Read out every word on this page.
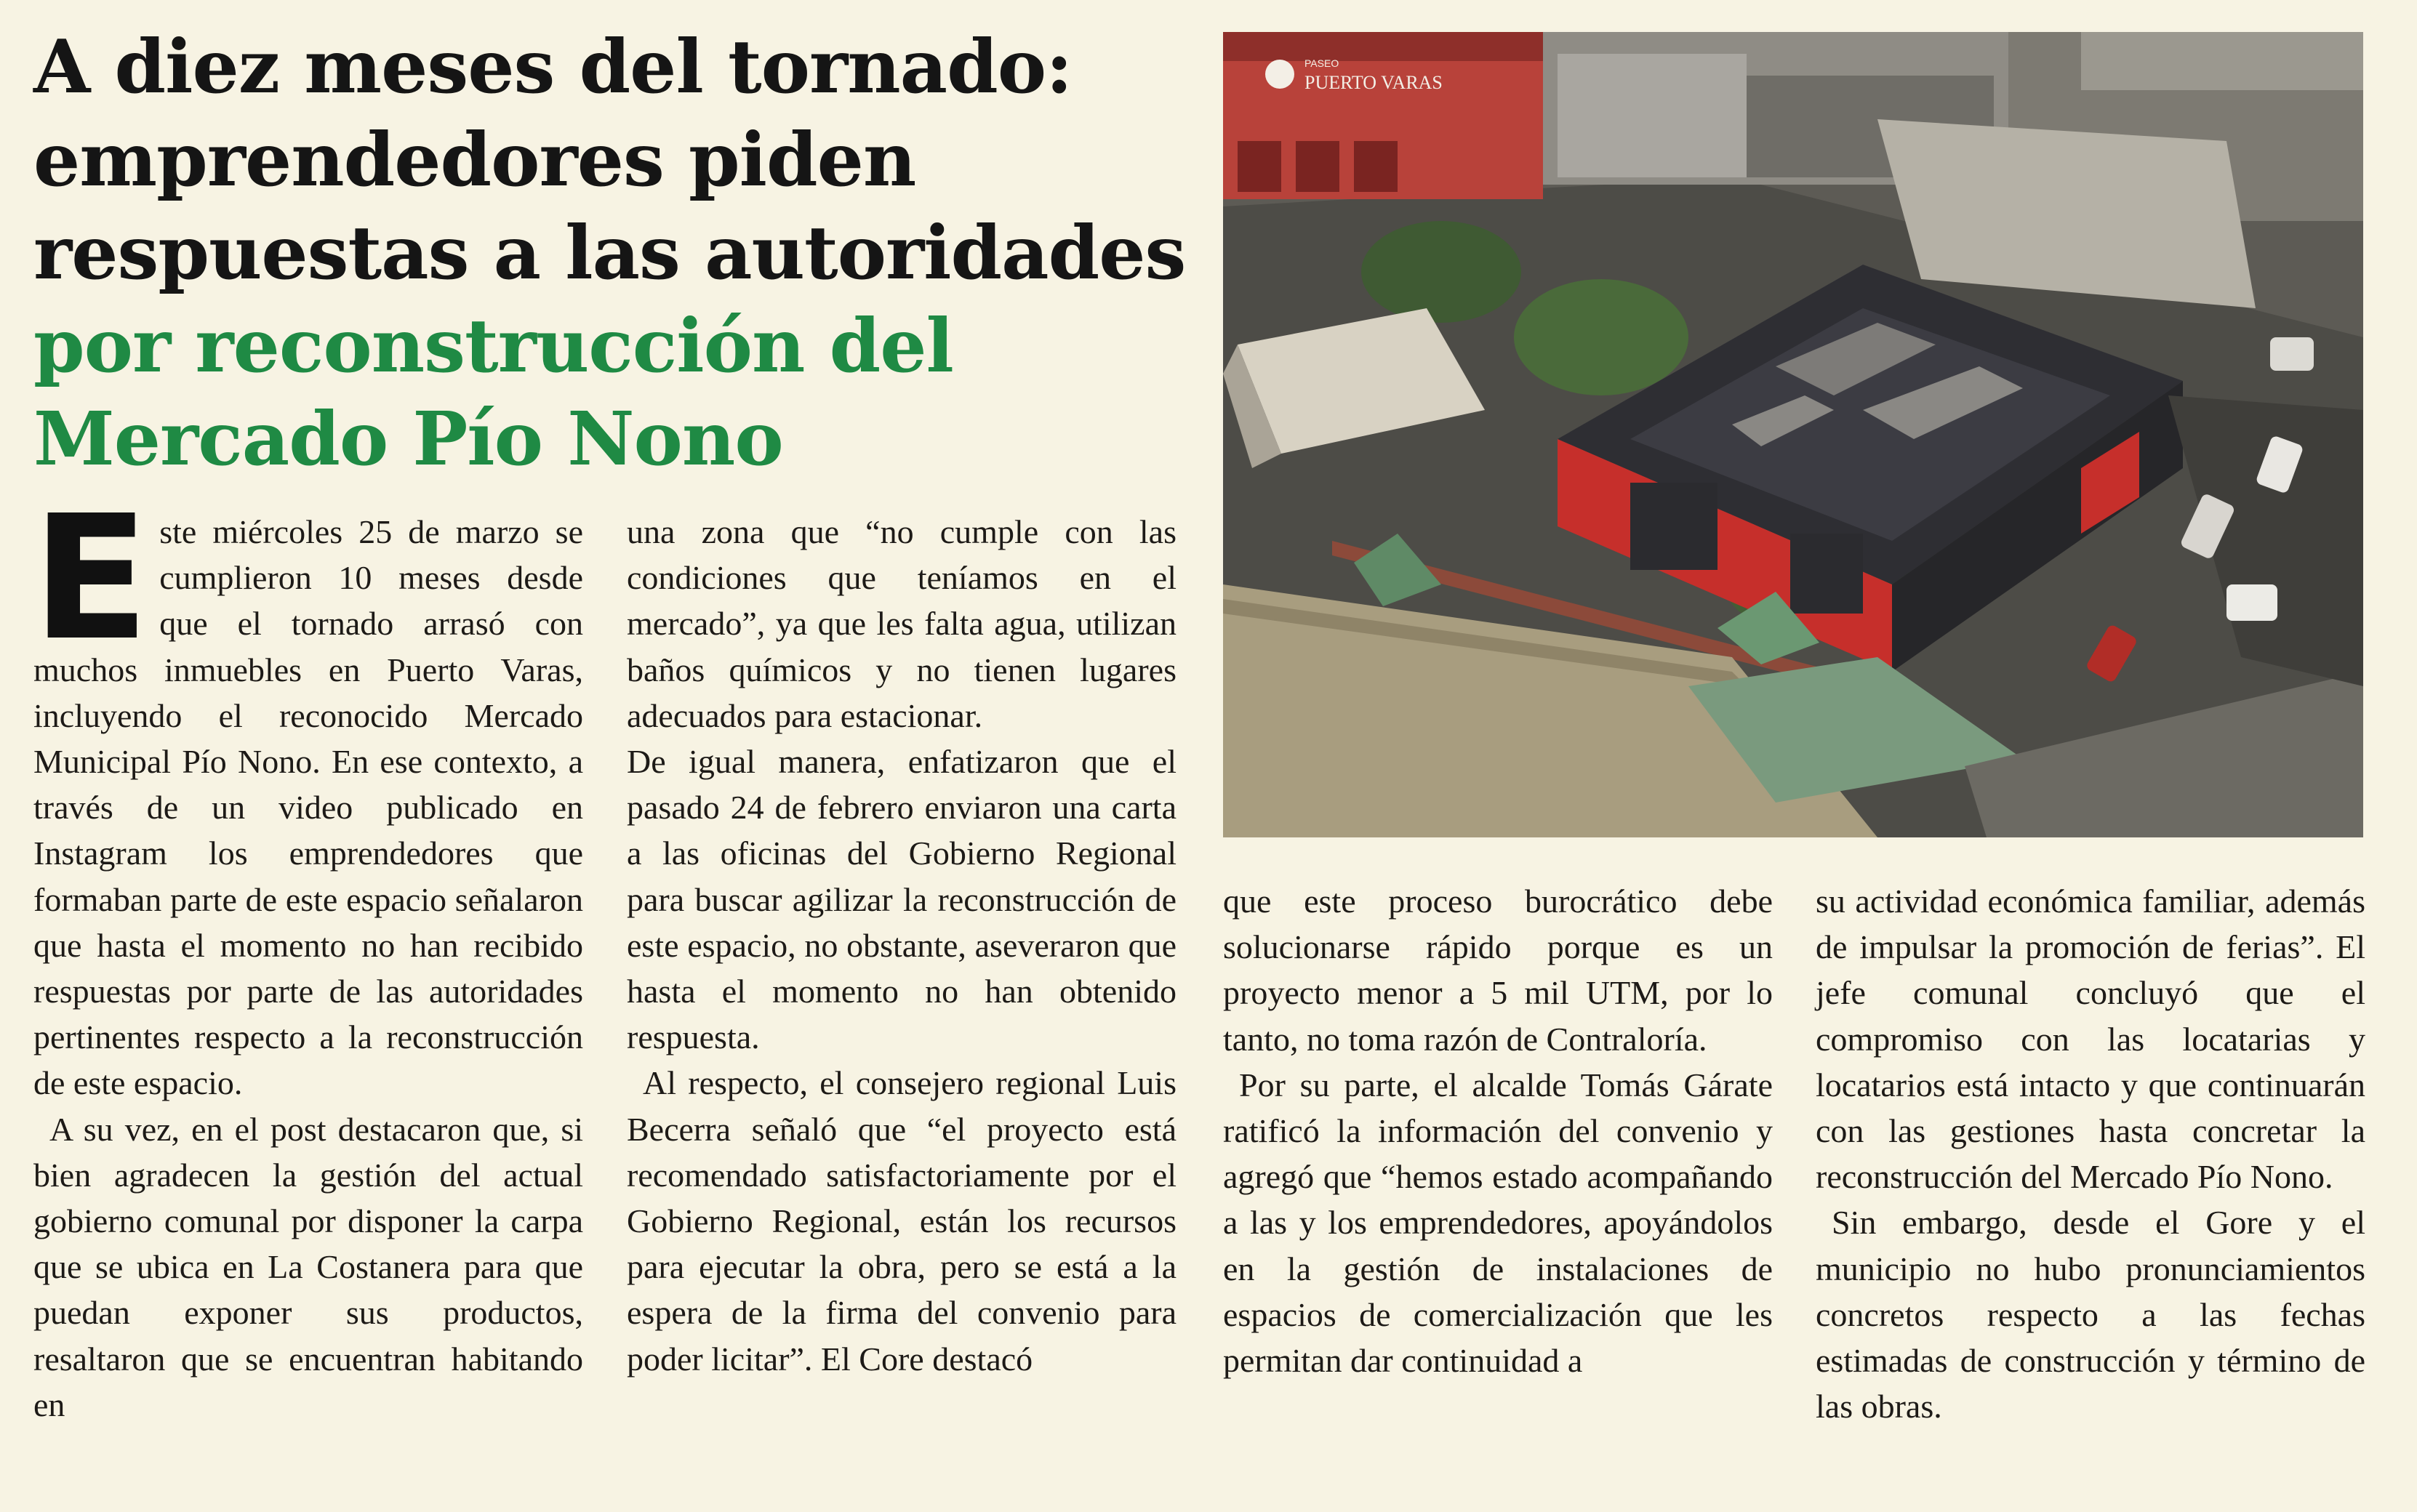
A diez meses del tornado:
emprendedores piden
respuestas a las autoridades
por reconstrucción del
Mercado Pío Nono
PASEO
PUERTO VARAS

E ste miércoles 25 de marzo se cumplieron 10 meses desde que el tornado arrasó con muchos inmuebles en Puerto Varas, incluyendo el reconocido Mercado Municipal Pío Nono. En ese contexto, a través de un video publicado en Instagram los emprendedores que formaban parte de este espacio señalaron que hasta el momento no han recibido respuestas por parte de las autoridades pertinentes respecto a la reconstrucción de este espacio.

A su vez, en el post destacaron que, si bien agradecen la gestión del actual gobierno comunal por disponer la carpa que se ubica en La Costanera para que puedan exponer sus productos, resaltaron que se encuentran habitando en

una zona que “no cumple con las condiciones que teníamos en el mercado”, ya que les falta agua, utilizan baños químicos y no tienen lugares adecuados para estacionar.

De igual manera, enfatizaron que el pasado 24 de febrero enviaron una carta a las oficinas del Gobierno Regional para buscar agilizar la reconstrucción de este espacio, no obstante, aseveraron que hasta el momento no han obtenido respuesta.

Al respecto, el consejero regional Luis Becerra señaló que “el proyecto está recomendado satisfactoriamente por el Gobierno Regional, están los recursos para ejecutar la obra, pero se está a la espera de la firma del convenio para poder licitar”. El Core destacó

que este proceso burocrático debe solucionarse rápido porque es un proyecto menor a 5 mil UTM, por lo tanto, no toma razón de Contraloría.

Por su parte, el alcalde Tomás Gárate ratificó la información del convenio y agregó que “hemos estado acompañando a las y los emprendedores, apoyándolos en la gestión de instalaciones de espacios de comercialización que les permitan dar continuidad a

su actividad económica familiar, además de impulsar la promoción de ferias”. El jefe comunal concluyó que el compromiso con las locatarias y locatarios está intacto y que continuarán con las gestiones hasta concretar la reconstrucción del Mercado Pío Nono.

Sin embargo, desde el Gore y el municipio no hubo pronunciamientos concretos respecto a las fechas estimadas de construcción y término de las obras.
